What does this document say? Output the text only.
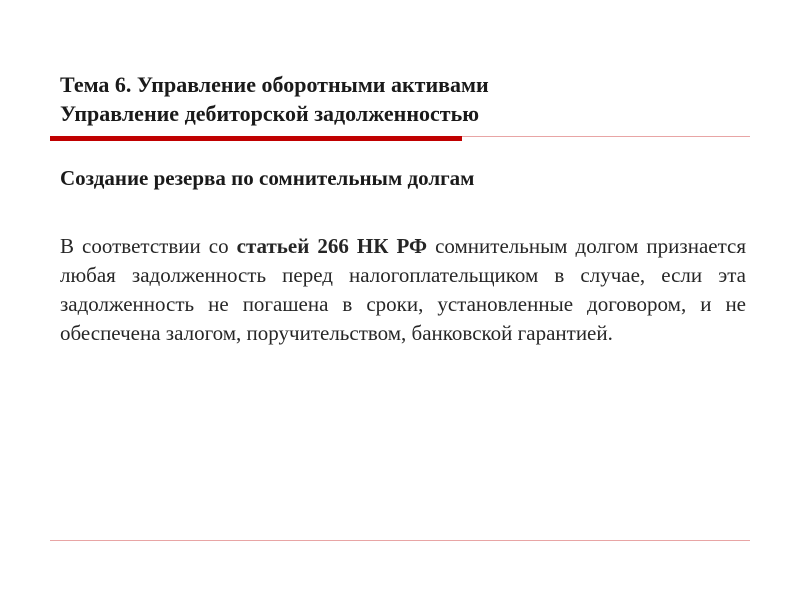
Тема 6. Управление оборотными активами
Управление дебиторской задолженностью
Создание резерва по сомнительным долгам
В соответствии со статьей 266 НК РФ сомнительным долгом признается любая задолженность перед налогоплательщиком в случае, если эта задолженность не погашена в сроки, установленные договором, и не обеспечена залогом, поручительством, банковской гарантией.
